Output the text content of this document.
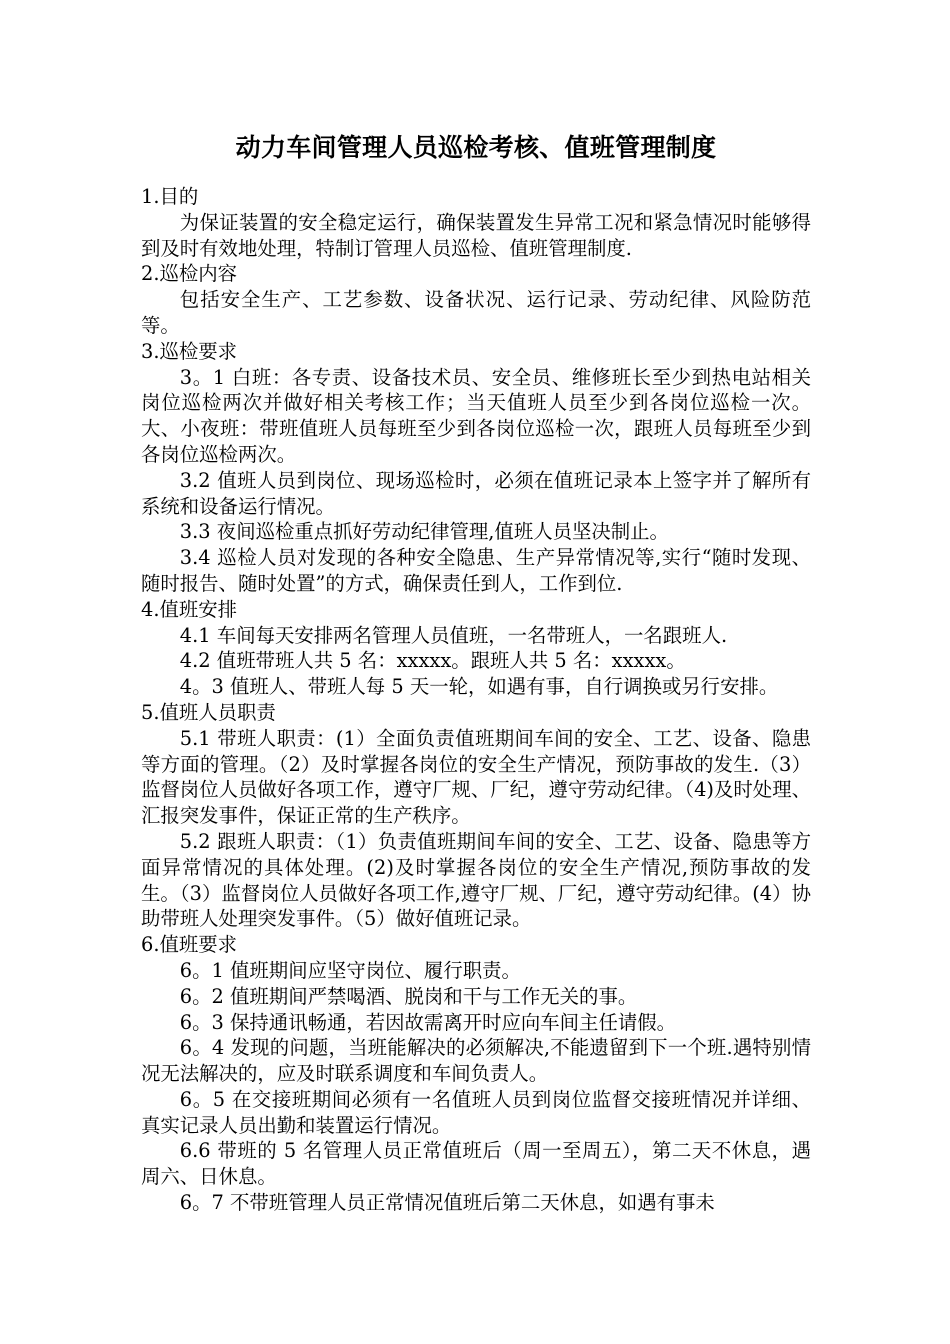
动力车间管理人员巡检考核、值班管理制度

1.目的

为保证装置的安全稳定运行，确保装置发生异常工况和紧急情况时能够得到及时有效地处理，特制订管理人员巡检、值班管理制度.

2.巡检内容

包括安全生产、工艺参数、设备状况、运行记录、劳动纪律、风险防范等。

3.巡检要求

3。1 白班：各专责、设备技术员、安全员、维修班长至少到热电站相关岗位巡检两次并做好相关考核工作；当天值班人员至少到各岗位巡检一次。大、小夜班：带班值班人员每班至少到各岗位巡检一次，跟班人员每班至少到各岗位巡检两次。

3.2 值班人员到岗位、现场巡检时，必须在值班记录本上签字并了解所有系统和设备运行情况。

3.3 夜间巡检重点抓好劳动纪律管理,值班人员坚决制止。

3.4 巡检人员对发现的各种安全隐患、生产异常情况等,实行“随时发现、随时报告、随时处置”的方式，确保责任到人，工作到位.

4.值班安排

4.1 车间每天安排两名管理人员值班，一名带班人，一名跟班人.

4.2 值班带班人共 5 名：xxxxx。跟班人共 5 名：xxxxx。

4。3 值班人、带班人每 5 天一轮，如遇有事，自行调换或另行安排。

5.值班人员职责

5.1 带班人职责：(1）全面负责值班期间车间的安全、工艺、设备、隐患等方面的管理。（2）及时掌握各岗位的安全生产情况，预防事故的发生.（3）监督岗位人员做好各项工作，遵守厂规、厂纪，遵守劳动纪律。（4)及时处理、汇报突发事件，保证正常的生产秩序。

5.2 跟班人职责：（1）负责值班期间车间的安全、工艺、设备、隐患等方面异常情况的具体处理。(2)及时掌握各岗位的安全生产情况,预防事故的发生。（3）监督岗位人员做好各项工作,遵守厂规、厂纪，遵守劳动纪律。(4）协助带班人处理突发事件。（5）做好值班记录。

6.值班要求

6。1 值班期间应坚守岗位、履行职责。

6。2 值班期间严禁喝酒、脱岗和干与工作无关的事。

6。3 保持通讯畅通，若因故需离开时应向车间主任请假。

6。4 发现的问题，当班能解决的必须解决,不能遗留到下一个班.遇特别情况无法解决的，应及时联系调度和车间负责人。

6。5 在交接班期间必须有一名值班人员到岗位监督交接班情况并详细、真实记录人员出勤和装置运行情况。

6.6 带班的 5 名管理人员正常值班后（周一至周五），第二天不休息，遇周六、日休息。

6。7 不带班管理人员正常情况值班后第二天休息，如遇有事未
